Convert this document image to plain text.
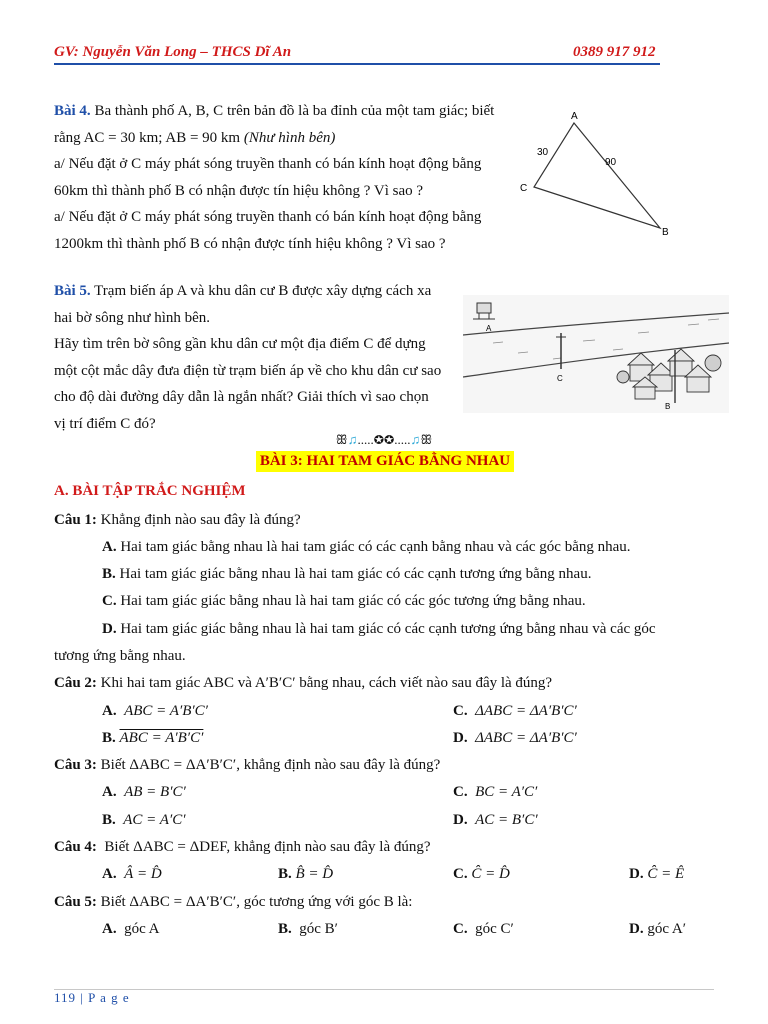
GV: Nguyễn Văn Long – THCS Dĩ An	0389 917 912
Bài 4. Ba thành phố A, B, C trên bản đồ là ba đỉnh của một tam giác; biết
rằng AC = 30 km; AB = 90 km (Như hình bên)
a/ Nếu đặt ở C máy phát sóng truyền thanh có bán kính hoạt động bằng
60km thì thành phố B có nhận được tín hiệu không ? Vì sao ?
a/ Nếu đặt ở C máy phát sóng truyền thanh có bán kính hoạt động bằng
1200km thì thành phố B có nhận được tính hiệu không ? Vì sao ?
A
C
B
30
90
Bài 5. Trạm biến áp A và khu dân cư B được xây dựng cách xa
hai bờ sông như hình bên.
Hãy tìm trên bờ sông gần khu dân cư một địa điểm C để dựng
một cột mắc dây đưa điện từ trạm biến áp về cho khu dân cư sao
cho độ dài đường dây dẫn là ngắn nhất? Giải thích vì sao chọn
vị trí điểm C đó?
A
C
B
ꕥ♫.....✪✪.....♫ꕥ
BÀI 3: HAI TAM GIÁC BẰNG NHAU
A. BÀI TẬP TRẮC NGHIỆM
Câu 1: Khẳng định nào sau đây là đúng?
A. Hai tam giác bằng nhau là hai tam giác có các cạnh bằng nhau và các góc bằng nhau.
B. Hai tam giác giác bằng nhau là hai tam giác có các cạnh tương ứng bằng nhau.
C. Hai tam giác giác bằng nhau là hai tam giác có các góc tương ứng bằng nhau.
D. Hai tam giác giác bằng nhau là hai tam giác có các cạnh tương ứng bằng nhau và các góc
tương ứng bằng nhau.
Câu 2: Khi hai tam giác ABC và A′B′C′ bằng nhau, cách viết nào sau đây là đúng?
A. ABC = A′B′C′	C. ΔABC = ΔA′B′C′
B. ABC = A′B′C′	D. ΔABC = ΔA′B′C′
Câu 3: Biết ΔABC = ΔA′B′C′, khẳng định nào sau đây là đúng?
A. AB = B′C′	C. BC = A′C′
B. AC = A′C′	D. AC = B′C′
Câu 4: Biết ΔABC = ΔDEF, khẳng định nào sau đây là đúng?
A. Â = D̂	B. B̂ = D̂	C. Ĉ = D̂	D. Ĉ = Ê
Câu 5: Biết ΔABC = ΔA′B′C′, góc tương ứng với góc B là:
A. góc A	B. góc B′	C. góc C′	D. góc A′
119 | P a g e
